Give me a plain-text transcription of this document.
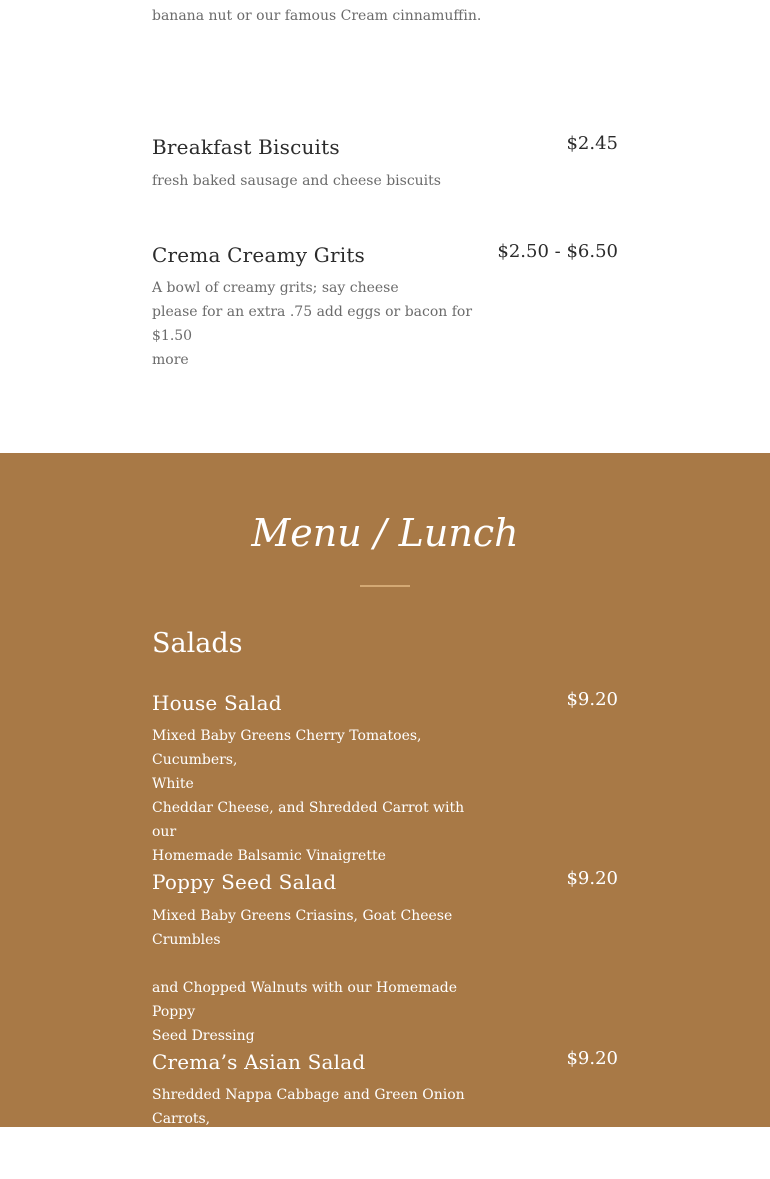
banana nut or our famous Cream cinnamuffin.
Breakfast Biscuits	$2.45
fresh baked sausage and cheese biscuits
Crema Creamy Grits	$2.50 - $6.50
A bowl of creamy grits; say cheese
please for an extra .75 add eggs or bacon for $1.50
more
Menu / Lunch
Salads
House Salad	$9.20
Mixed Baby Greens Cherry Tomatoes, Cucumbers,
White
Cheddar Cheese, and Shredded Carrot with our
Homemade Balsamic Vinaigrette
Poppy Seed Salad	$9.20
Mixed Baby Greens Criasins, Goat Cheese Crumbles
and Chopped Walnuts with our Homemade Poppy
Seed Dressing
Crema’s Asian Salad	$9.20
Shredded Nappa Cabbage and Green Onion Carrots,
Toasted Noodles, Sesame Seeds and Almonds with
